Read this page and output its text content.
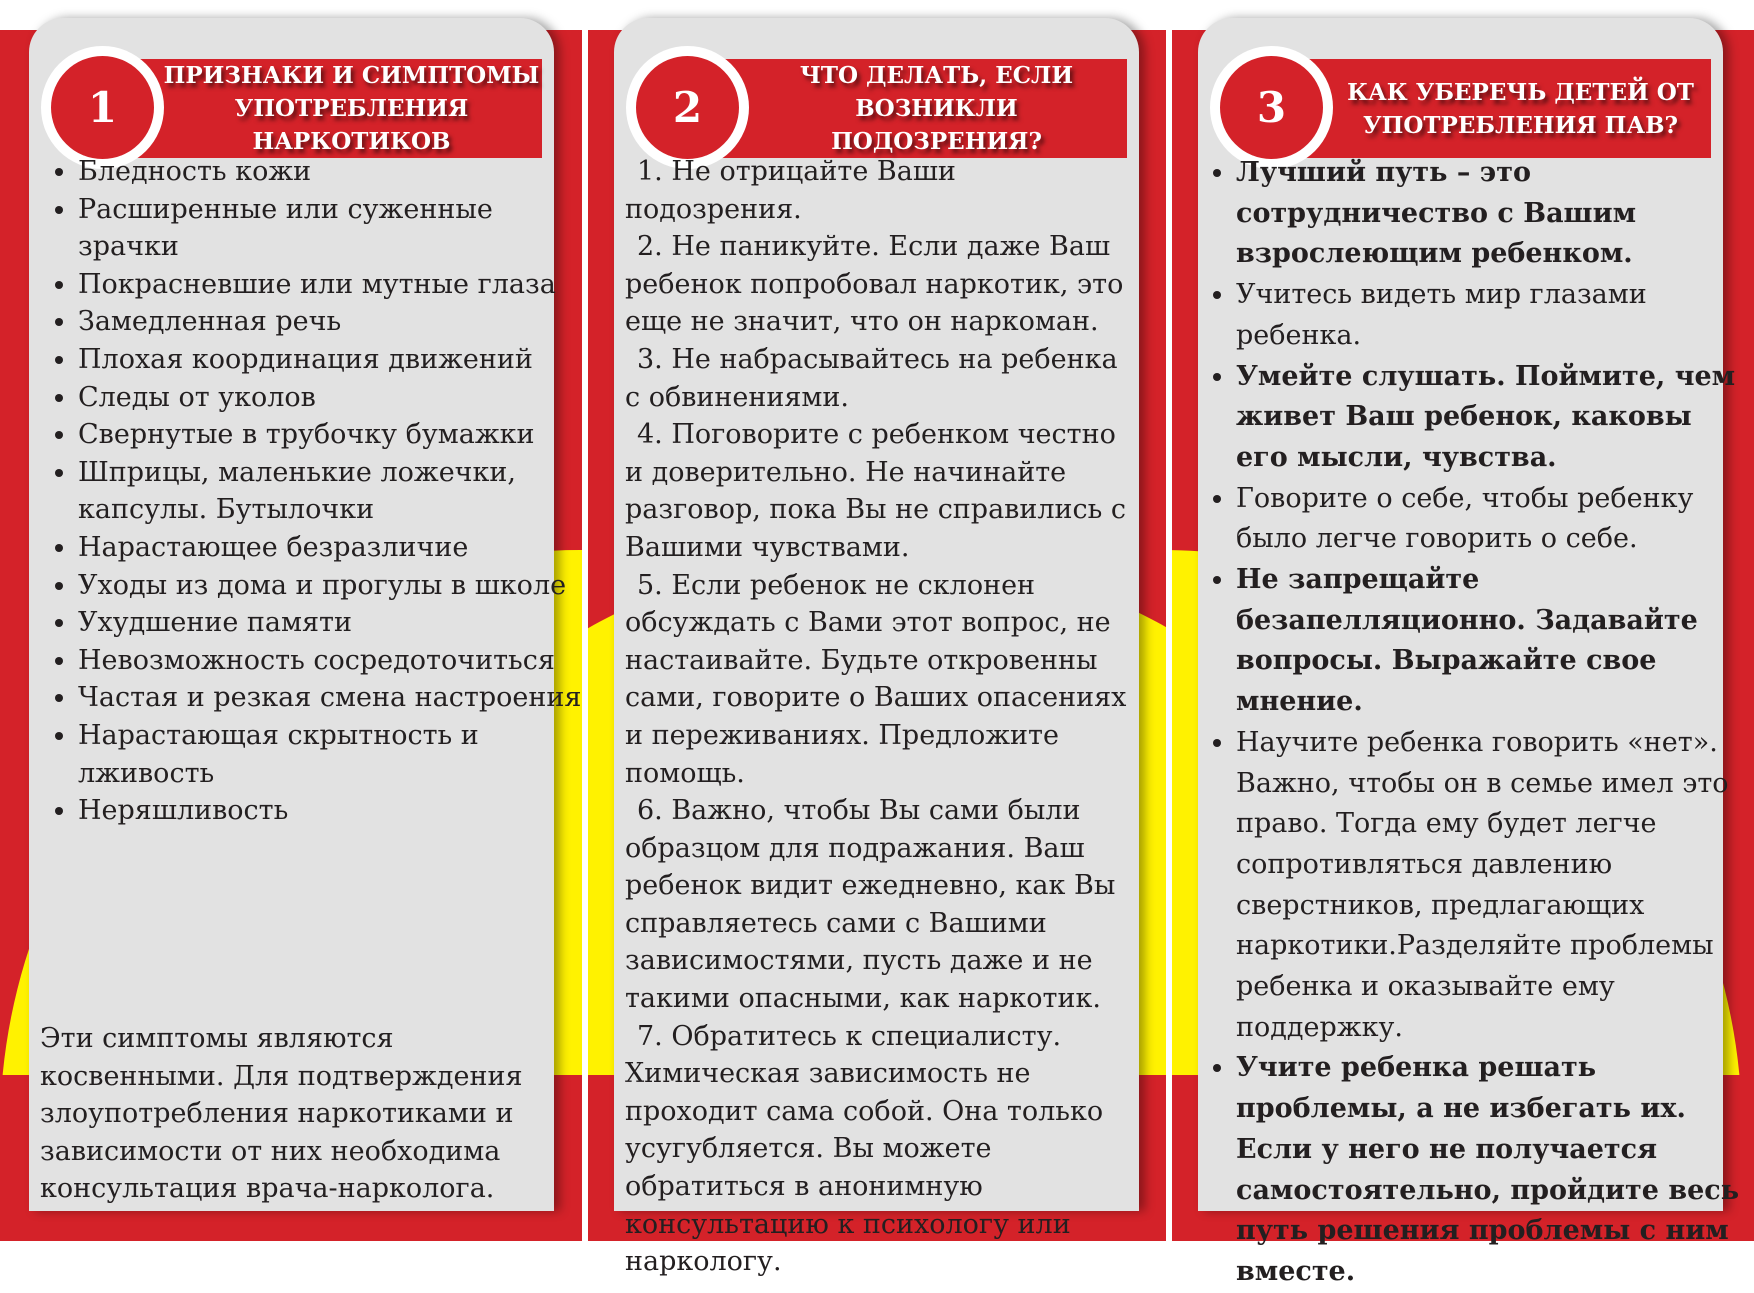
ПРИЗНАКИ И СИМПТОМЫ УПОТРЕБЛЕНИЯ НАРКОТИКОВ
1
• Бледность кожи
• Расширенные или суженные зрачки
• Покрасневшие или мутные глаза
• Замедленная речь
• Плохая координация движений
• Следы от уколов
• Свернутые в трубочку бумажки
• Шприцы, маленькие ложечки, капсулы. Бутылочки
• Нарастающее безразличие
• Уходы из дома и прогулы в школе
• Ухудшение памяти
• Невозможность сосредоточиться
• Частая и резкая смена настроения
• Нарастающая скрытность и лживость
• Неряшливость
Эти симптомы являются косвенными. Для подтверждения злоупотребления наркотиками и зависимости от них необходима консультация врача-нарколога.
ЧТО ДЕЛАТЬ, ЕСЛИ ВОЗНИКЛИ ПОДОЗРЕНИЯ?
2

1. Не отрицайте Ваши подозрения.

2. Не паникуйте. Если даже Ваш ребенок попробовал наркотик, это еще не значит, что он наркоман.

3. Не набрасывайтесь на ребенка с обвинениями.

4. Поговорите с ребенком честно и доверительно. Не начинайте разговор, пока Вы не справились с Вашими чувствами.

5. Если ребенок не склонен обсуждать с Вами этот вопрос, не настаивайте. Будьте откровенны сами, говорите о Ваших опасениях и переживаниях. Предложите помощь.

6. Важно, чтобы Вы сами были образцом для подражания. Ваш ребенок видит ежедневно, как Вы справляетесь сами с Вашими зависимостями, пусть даже и не такими опасными, как наркотик.

7. Обратитесь к специалисту. Химическая зависимость не проходит сама собой. Она только усугубляется. Вы можете обратиться в анонимную консультацию к психологу или наркологу.

КАК УБЕРЕЧЬ ДЕТЕЙ ОТ УПОТРЕБЛЕНИЯ ПАВ?
3
• Лучший путь – это сотрудничество с Вашим взрослеющим ребенком.
• Учитесь видеть мир глазами ребенка.
• Умейте слушать. Поймите, чем живет Ваш ребенок, каковы его мысли, чувства.
• Говорите о себе, чтобы ребенку было легче говорить о себе.
• Не запрещайте безапелляционно. Задавайте вопросы. Выражайте свое мнение.
• Научите ребенка говорить «нет». Важно, чтобы он в семье имел это право. Тогда ему будет легче сопротивляться давлению сверстников, предлагающих наркотики.Разделяйте проблемы ребенка и оказывайте ему поддержку.
• Учите ребенка решать проблемы, а не избегать их. Если у него не получается самостоятельно, пройдите весь путь решения проблемы с ним вместе.
